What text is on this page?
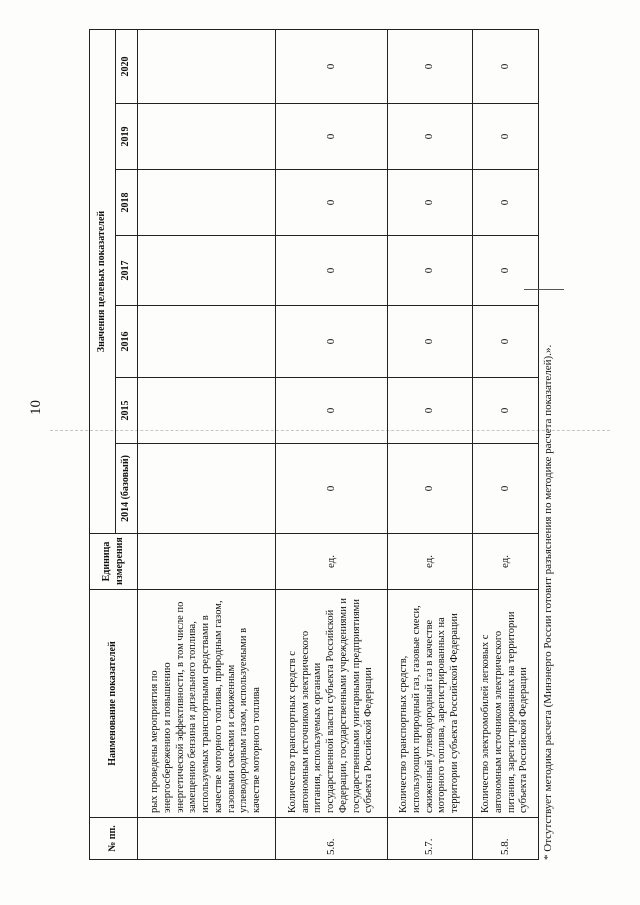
10
№ пп.	Наименование показателей	Единица измерения	Значения целевых показателей						
			2014 (базовый)	2015	2016	2017	2018	2019	2020
	рых проведены мероприятия по энергосбережению и повышению энергетической эффективности, в том числе по замещению бензина и дизельного топлива, используемых транспортными средствами в качестве моторного топлива, природным газом, газовыми смесями и сжиженным углеводородным газом, используемыми в качестве моторного топлива								
5.6.	Количество транспортных средств с автономным источником электрического питания, используемых органами государственной власти субъекта Российской Федерации, государственными учреждениями и государственными унитарными предприятиями субъекта Российской Федерации	ед.	0	0	0	0	0	0	0
5.7.	Количество транспортных средств, использующих природный газ, газовые смеси, сжиженный углеводородный газ в качестве моторного топлива, зарегистрированных на территории субъекта Российской Федерации	ед.	0	0	0	0	0	0	0
5.8.	Количество электромобилей легковых с автономным источником электрического питания, зарегистрированных на территории субъекта Российской Федерации	ед.	0	0	0	0	0	0	0
* Отсутствует методика расчета (Минэнерго России готовит разъяснения по методике расчета показателей).».
